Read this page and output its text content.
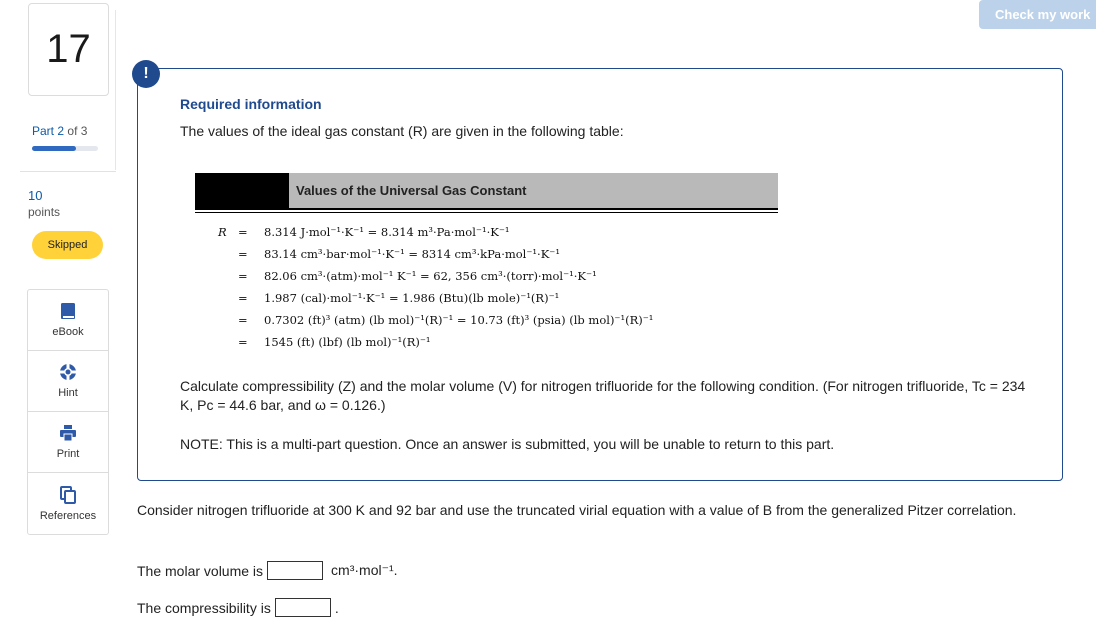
17
Part 2 of 3
10
points
Skipped
eBook
Hint
Print
References
Check my work
Required information
The values of the ideal gas constant (R) are given in the following table:
Values of the Universal Gas Constant
R =	8.314 J·mol⁻¹·K⁻¹ = 8.314 m³·Pa·mol⁻¹·K⁻¹
=	83.14 cm³·bar·mol⁻¹·K⁻¹ = 8314 cm³·kPa·mol⁻¹·K⁻¹
=	82.06 cm³·(atm)·mol⁻¹ K⁻¹ = 62, 356 cm³·(torr)·mol⁻¹·K⁻¹
=	1.987 (cal)·mol⁻¹·K⁻¹ = 1.986 (Btu)(lb mole)⁻¹(R)⁻¹
=	0.7302 (ft)³ (atm) (lb mol)⁻¹(R)⁻¹ = 10.73 (ft)³ (psia) (lb mol)⁻¹(R)⁻¹
=	1545 (ft) (lbf) (lb mol)⁻¹(R)⁻¹
Calculate compressibility (Z) and the molar volume (V) for nitrogen trifluoride for the following condition. (For nitrogen trifluoride, Tc = 234 K, Pc = 44.6 bar, and ω = 0.126.)
NOTE: This is a multi-part question. Once an answer is submitted, you will be unable to return to this part.
!
Consider nitrogen trifluoride at 300 K and 92 bar and use the truncated virial equation with a value of B from the generalized Pitzer correlation.
The molar volume is	cm³·mol⁻¹.
The compressibility is	.
